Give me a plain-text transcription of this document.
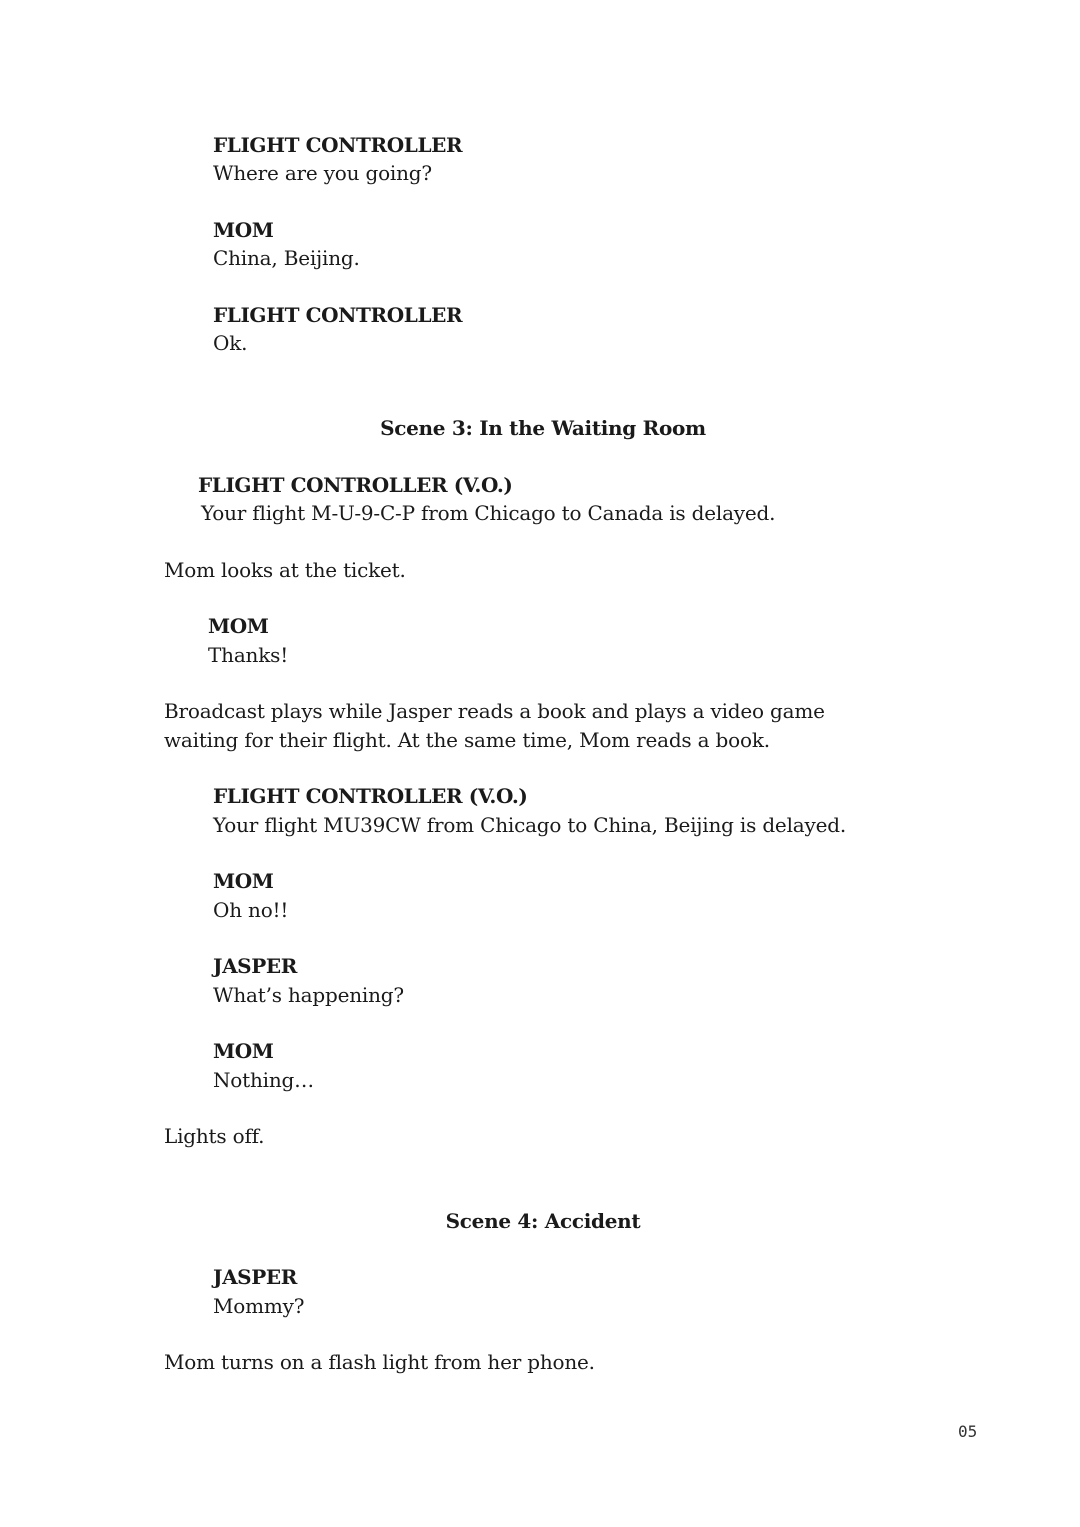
FLIGHT CONTROLLER
Where are you going?
MOM
China, Beijing.
FLIGHT CONTROLLER
Ok.
Scene 3: In the Waiting Room
FLIGHT CONTROLLER (V.O.)
Your flight M-U-9-C-P from Chicago to Canada is delayed.
Mom looks at the ticket.
MOM
Thanks!
Broadcast plays while Jasper reads a book and plays a video game
waiting for their flight. At the same time, Mom reads a book.
FLIGHT CONTROLLER (V.O.)
Your flight MU39CW from Chicago to China, Beijing is delayed.
MOM
Oh no!!
JASPER
What’s happening?
MOM
Nothing…
Lights off.
Scene 4: Accident
JASPER
Mommy?
Mom turns on a flash light from her phone.
05
